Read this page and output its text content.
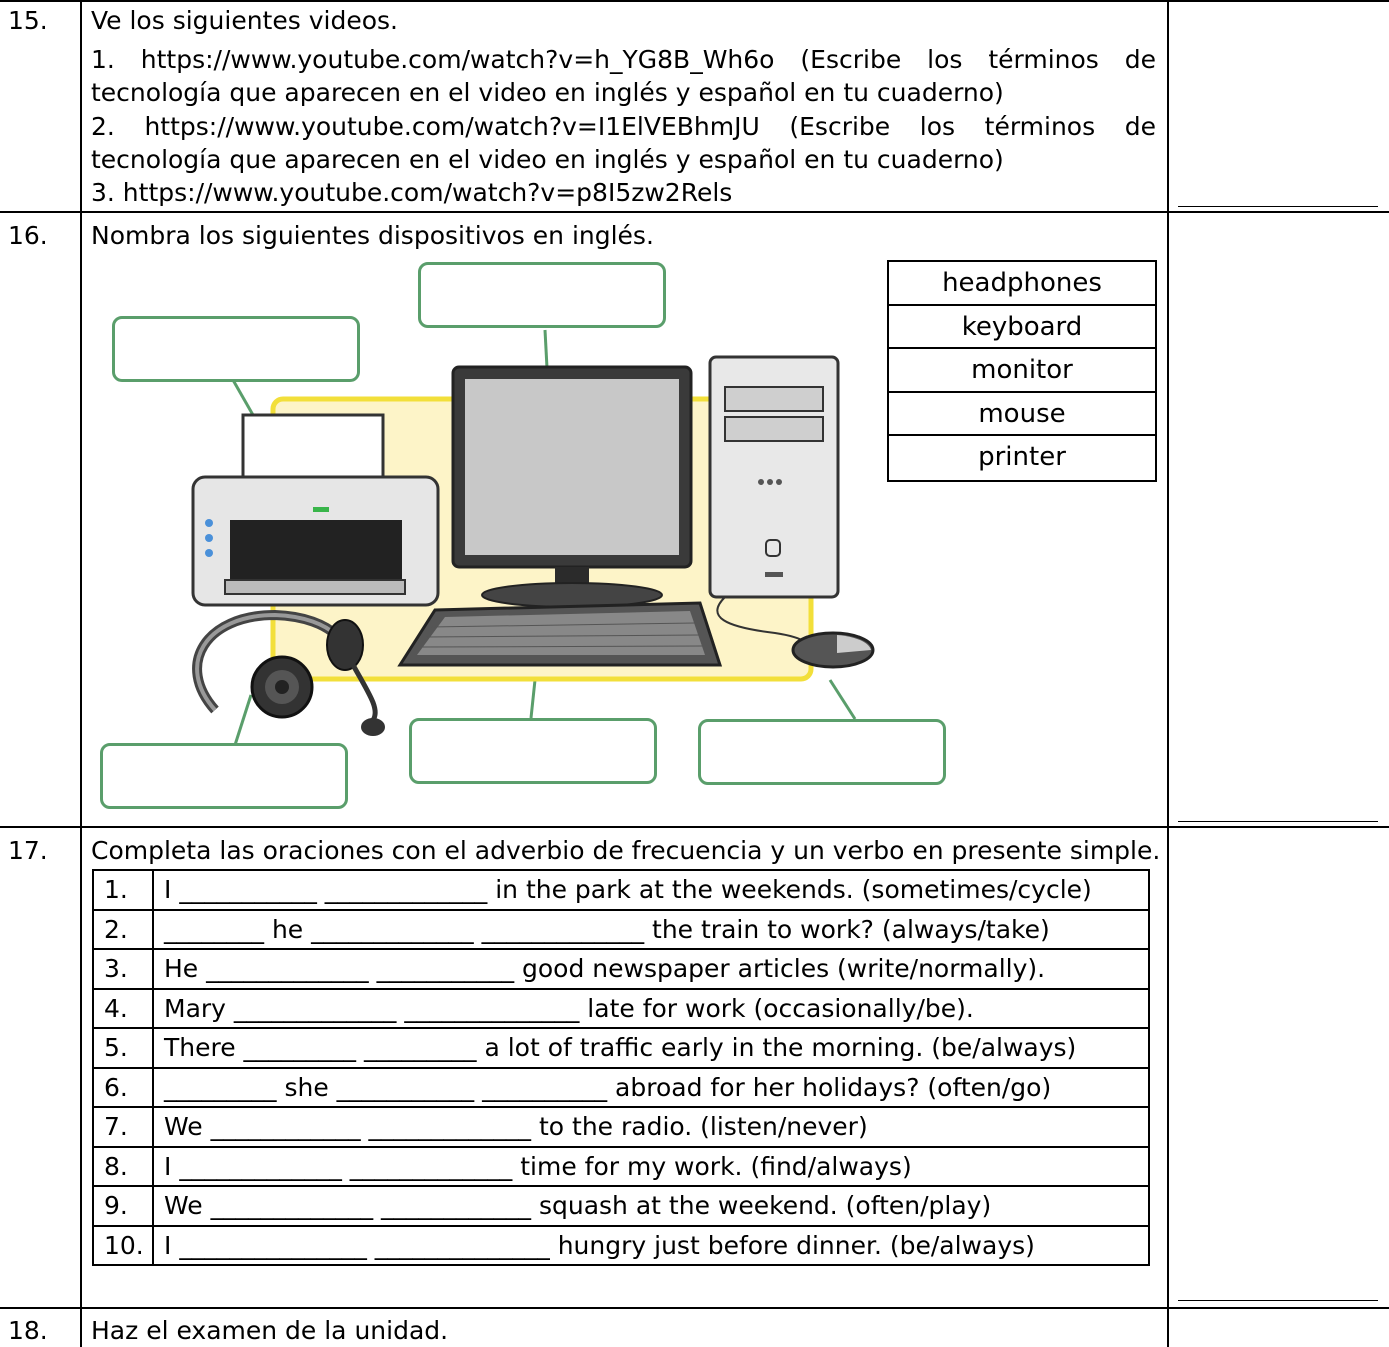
15. Ve los siguientes videos.
1.  https://www.youtube.com/watch?v=h_YG8B_Wh6o  (Escribe  los  términos  de
tecnología que aparecen en el video en inglés y español en tu cuaderno)
2.  https://www.youtube.com/watch?v=I1ElVEBhmJU  (Escribe  los  términos  de
tecnología que aparecen en el video en inglés y español en tu cuaderno)
3. https://www.youtube.com/watch?v=p8I5zw2Rels
16. Nombra los siguientes dispositivos en inglés.
headphones
keyboard
monitor
mouse
printer
17. Completa las oraciones con el adverbio de frecuencia y un verbo en presente simple.
1.	I ___________ _____________ in the park at the weekends. (sometimes/cycle)
2.	________ he _____________ _____________ the train to work? (always/take)
3.	He _____________ ___________ good newspaper articles (write/normally).
4.	Mary _____________ ______________ late for work (occasionally/be).
5.	There _________ _________ a lot of traffic early in the morning. (be/always)
6.	_________ she ___________ __________ abroad for her holidays? (often/go)
7.	We ____________ _____________ to the radio. (listen/never)
8.	I _____________ _____________ time for my work. (find/always)
9.	We _____________ ____________ squash at the weekend. (often/play)
10.	I _______________ ______________ hungry just before dinner. (be/always)
18. Haz el examen de la unidad.
